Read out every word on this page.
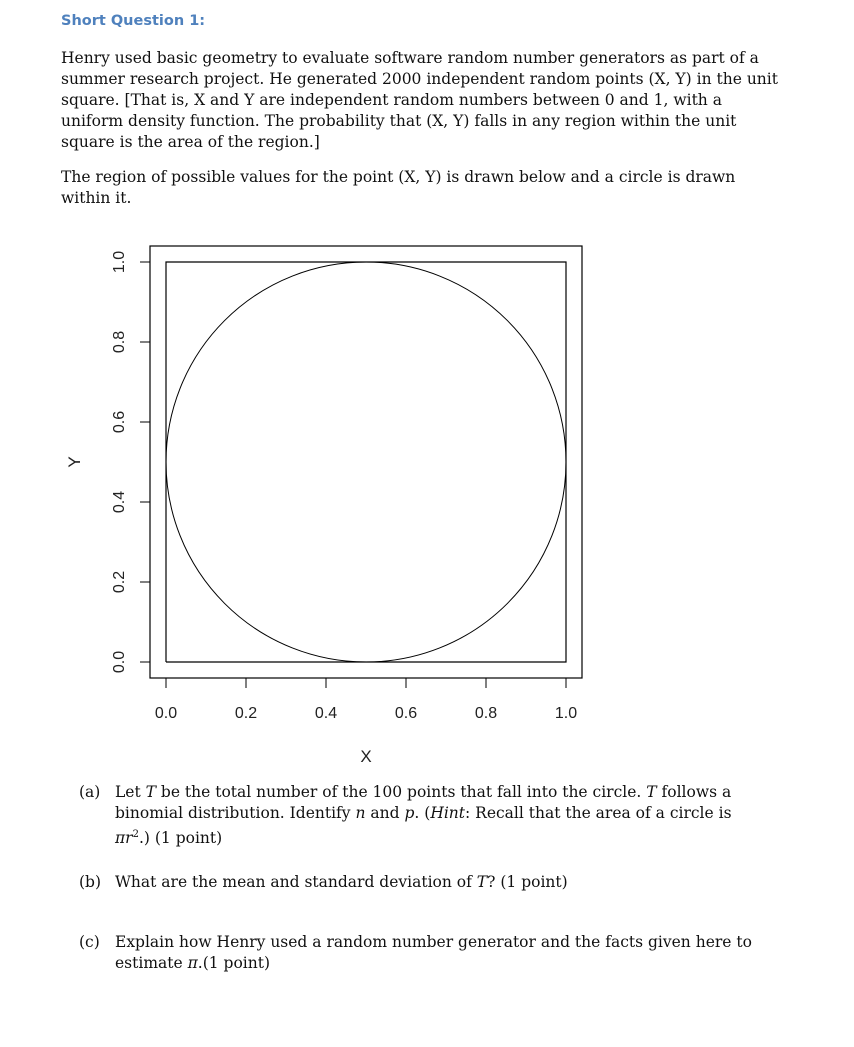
Short Question 1:
Henry used basic geometry to evaluate software random number generators as part of a summer research project. He generated 2000 independent random points (X, Y) in the unit square. [That is, X and Y are independent random numbers between 0 and 1, with a uniform density function. The probability that (X, Y) falls in any region within the unit square is the area of the region.]
The region of possible values for the point (X, Y) is drawn below and a circle is drawn within it.
0.0	0.2	0.4	0.6	0.8	1.0
0.0
0.2
0.4
0.6
0.8
1.0
X
Y
(a) Let T be the total number of the 100 points that fall into the circle. T follows a binomial distribution. Identify n and p. (Hint: Recall that the area of a circle is $\pi r^2$.) (1 point)
(b) What are the mean and standard deviation of T? (1 point)
(c) Explain how Henry used a random number generator and the facts given here to estimate π.(1 point)
